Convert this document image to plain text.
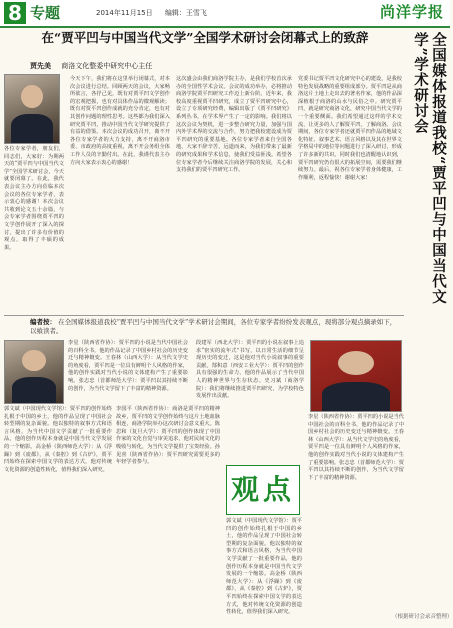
8 专题	2014年11月15日 编辑：王雪飞	尚洋学报
全国媒体报道我校“贾平凹与中国当代文学”学术研讨会
在“贾平凹与中国当代文学”全国学术研讨会闭幕式上的致辞
贾先美 商洛文化整委中研究中心主任
各位专家学者，朋友们，同志们，大家好：为期两天的“贾平凹与中国当代文学”全国学术研讨会，今天就要闭幕了。在此，我代表会议主办方向莅临本次会议的各位专家学者，表示衷心的感谢！本次会议共收到论文五十余篇，与会专家学者围绕贾平凹的文学创作展开了深入的探讨，提出了许多有价值的观点，取得了丰硕的成果。
今天下午，我们将在这里举行闭幕式，对本次会议进行总结。回顾两天的会议，大家畅所欲言，各抒己见，既有对贾平凹文学创作的宏观把握，也有对具体作品的微观解读；既有对贾平凹创作成就的充分肯定，也有对其创作问题的理性思考。这些都为我们深入研究贾平凹，推动中国当代文学研究提供了有益的借鉴。本次会议的成功召开，离不开各位专家学者的大力支持，离不开商洛市委、市政府的高度重视，离不开会务组全体工作人员的辛勤付出。在此，我谨代表主办方向大家表示衷心的感谢！
这次盛会由我们商洛学院主办，是我们学校首次承办的全国性学术会议。会议的成功举办，必将推动商洛学院贾平凹研究工作迈上新台阶。近年来，我校高度重视贾平凹研究，成立了贾平凹研究中心，设立了专项研究经费，编辑出版了《贾平凹研究》系列丛书，在学术界产生了一定的影响。我们将以这次会议为契机，进一步整合研究力量，加强与国内外学术界的交流与合作，努力把我校建设成为贾平凹研究的重要基地。各位专家学者来自全国各地，大家不辞辛苦，远道而来，为我们带来了最新的研究成果和学术信息，使我们受益匪浅。希望各位专家学者今后继续关注商洛学院的发展，关心和支持我们的贾平凹研究工作。
党委书记贾平凹文化研究中心的建设，是我校特色发展战略的重要组成部分。贾平凹是从商洛这片土地上走出去的著名作家，他的作品深深植根于商洛的山水与民俗之中。研究贾平凹，就是研究商洛文化，研究中国当代文学的一个重要侧面。我们希望通过这样的学术交流，让更多的人了解贾平凹，了解商洛。会议期间，各位专家学者还就贾平凹作品的地域文化特征、叙事艺术、语言风格以及其在世界文学格局中的地位等问题进行了深入研讨，形成了许多新的共识。同时我们也清醒地认识到，贾平凹研究仍有很大的拓展空间，需要我们继续努力。最后，祝各位专家学者身体健康，工作顺利，返程愉快！谢谢大家！
编者按： 在全国媒体报道我校“贾平凹与中国当代文学”学术研讨会期间，各位专家学者纷纷发表观点，现将部分观点摘录如下，以飨读者。
郭文斌（中国现代文学馆）：贾平凹的创作始终扎根于中国的乡土，他的作品呈现了中国社会转型期的复杂面貌。他以独特的叙事方式和语言风格，为当代中国文学贡献了一批重要作品，他的创作历程本身就是中国当代文学发展的一个缩影。高金桥（陕西师范大学）：从《浮躁》到《废都》，从《秦腔》到《古炉》，贾平凹始终在探索中国文学的表达方式，他对传统文化资源的创造性转化，值得我们深入研究。
李星（陕西省作协）：贾平凹的小说是当代中国社会的百科全书，他的作品记录了中国乡村社会的历史变迁与精神嬗变。王春林（山西大学）：从当代文学史的角度看，贾平凹是一位具有鲜明个人风格的作家，他的创作实践对当代小说的文体建构产生了重要影响。张志忠（首都师范大学）：贾平凹以其持续不断的创作，为当代文学留下了丰富的精神资源。
李国平（陕西省作协）：商洛是贾平凹的精神故乡，贾平凹的文学创作始终与这片土地血脉相连，商洛学院举办这次研讨会意义重大。陈思和（复旦大学）：贾平凹的创作体现了中国作家的文化自觉与审美追求，他对民间文化的吸收与转化，为当代文学提供了宝贵经验。孙见喜（陕西省作协）：贾平凹研究需要更多的年轻学者参与。
段建军（西北大学）：贾平凹的小说在叙事上追求“密实的流年式”书写，以日常生活的细节呈现历史的变迁，这是他对当代小说叙事的重要贡献。郜积意（西安工业大学）：贾平凹的创作具有很强的生命力，他的作品展示了当代中国人的精神世界与生存状态。史习斌（商洛学院）：我们将继续推进贾平凹研究，为学校特色发展作出贡献。
观点
郭文斌（中国现代文学馆）：贾平凹的创作始终扎根于中国的乡土，他的作品呈现了中国社会转型期的复杂面貌。他以独特的叙事方式和语言风格，为当代中国文学贡献了一批重要作品，他的创作历程本身就是中国当代文学发展的一个缩影。高金桥（陕西师范大学）：从《浮躁》到《废都》，从《秦腔》到《古炉》，贾平凹始终在探索中国文学的表达方式，他对传统文化资源的创造性转化，值得我们深入研究。
李星（陕西省作协）：贾平凹的小说是当代中国社会的百科全书，他的作品记录了中国乡村社会的历史变迁与精神嬗变。王春林（山西大学）：从当代文学史的角度看，贾平凹是一位具有鲜明个人风格的作家，他的创作实践对当代小说的文体建构产生了重要影响。张志忠（首都师范大学）：贾平凹以其持续不断的创作，为当代文学留下了丰富的精神资源。
（根据研讨会录音整理）
